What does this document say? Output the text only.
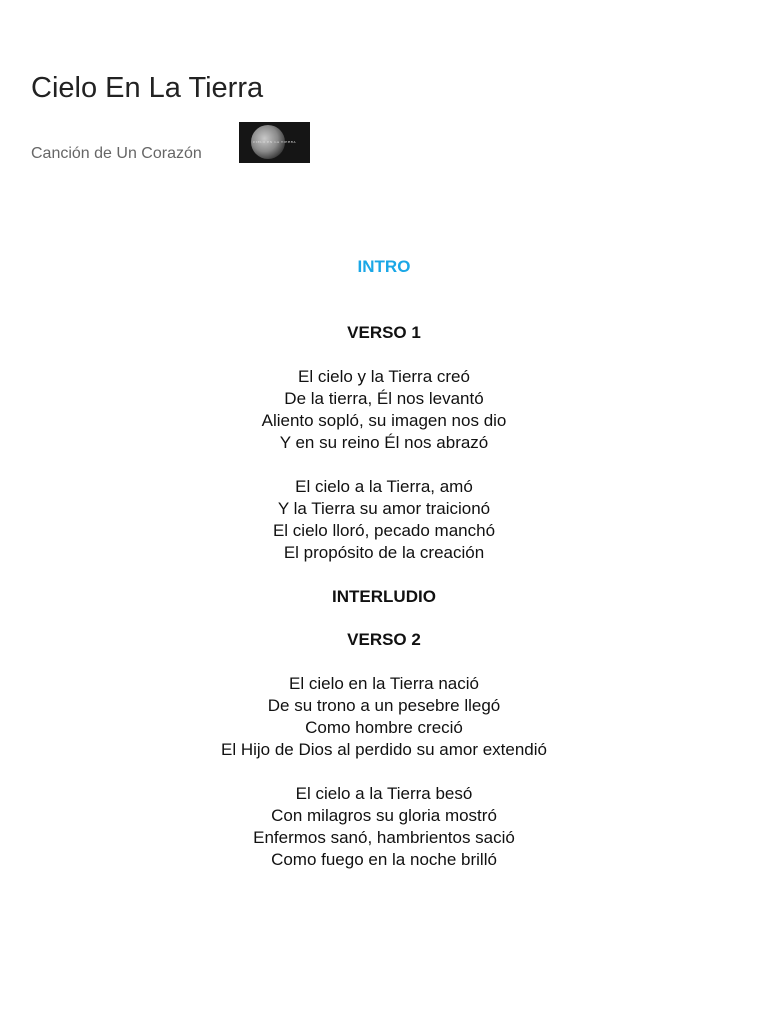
Cielo En La Tierra
Canción de Un Corazón
CIELO EN LA TIERRA
INTRO
VERSO 1
El cielo y la Tierra creó
De la tierra, Él nos levantó
Aliento sopló, su imagen nos dio
Y en su reino Él nos abrazó
El cielo a la Tierra, amó
Y la Tierra su amor traicionó
El cielo lloró, pecado manchó
El propósito de la creación
INTERLUDIO
VERSO 2
El cielo en la Tierra nació
De su trono a un pesebre llegó
Como hombre creció
El Hijo de Dios al perdido su amor extendió
El cielo a la Tierra besó
Con milagros su gloria mostró
Enfermos sanó, hambrientos sació
Como fuego en la noche brilló
